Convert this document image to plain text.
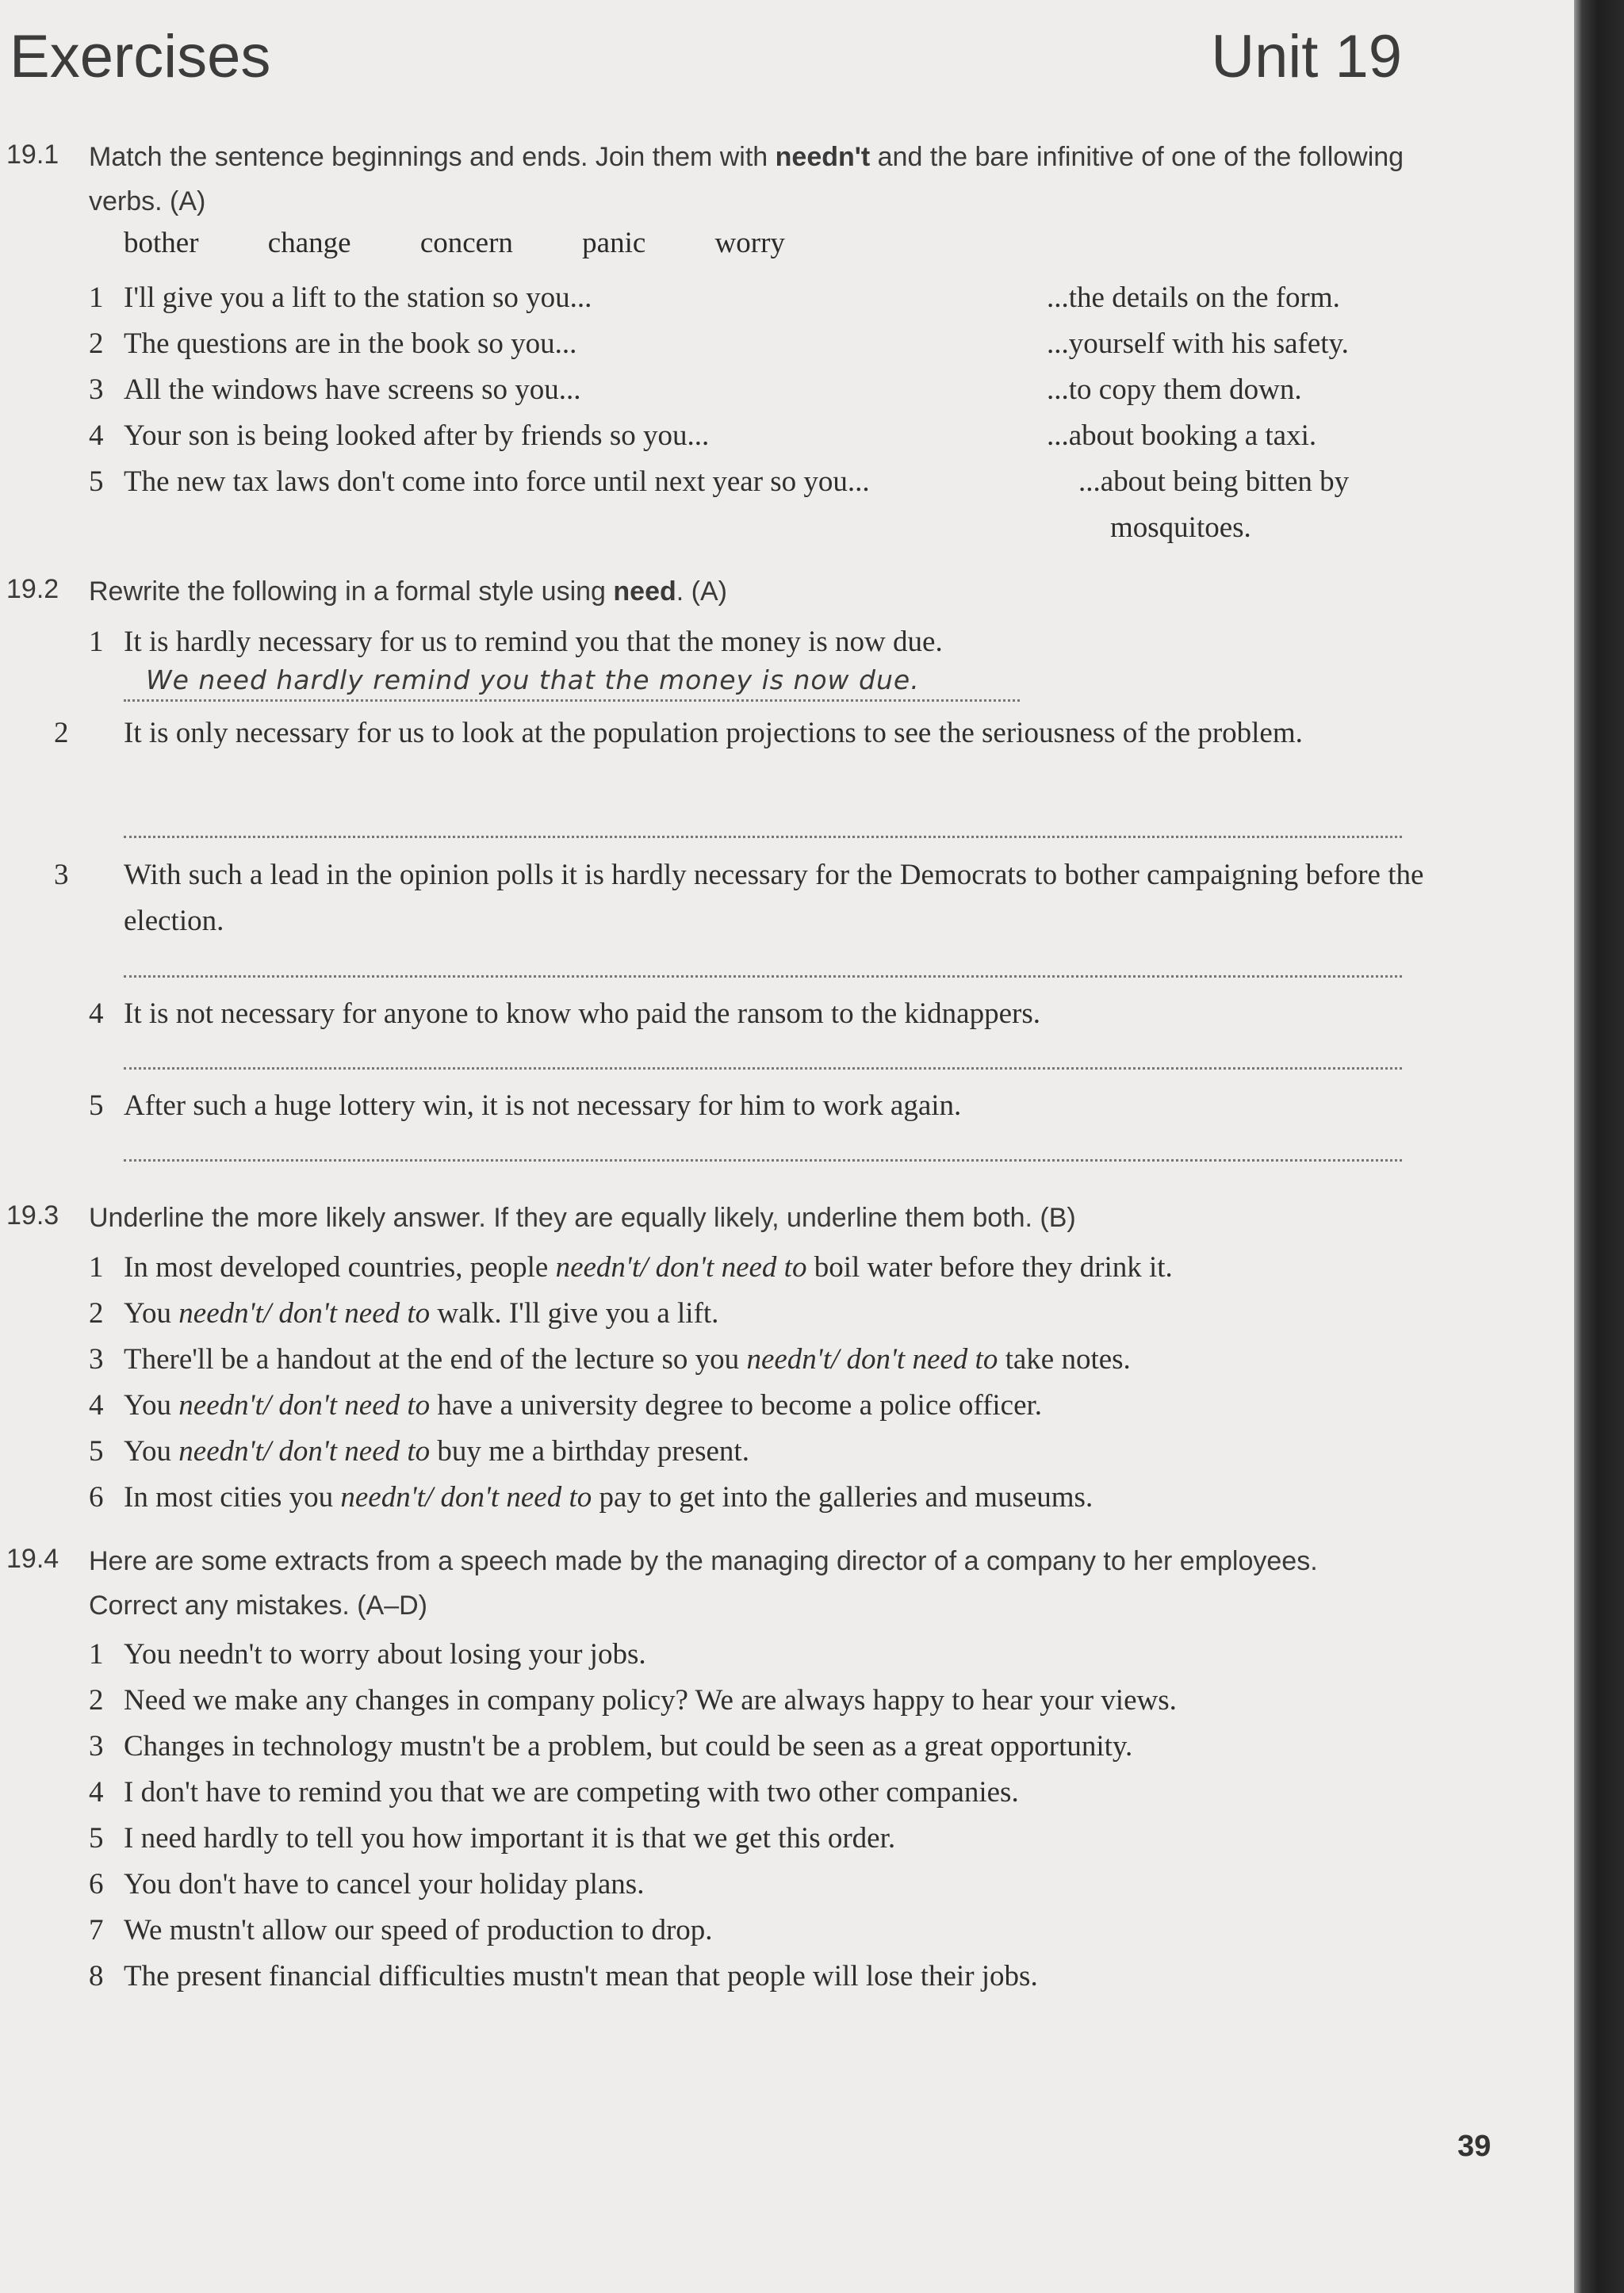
Exercises	Unit 19
19.1 Match the sentence beginnings and ends. Join them with needn't and the bare infinitive of one of the following verbs. (A)
bother change concern panic worry
1 I'll give you a lift to the station so you...
2 The questions are in the book so you...
3 All the windows have screens so you...
4 Your son is being looked after by friends so you...
5 The new tax laws don't come into force until next year so you...
...the details on the form.
...yourself with his safety.
...to copy them down.
...about booking a taxi.
...about being bitten by mosquitoes.
19.2 Rewrite the following in a formal style using need. (A)
1 It is hardly necessary for us to remind you that the money is now due.
We need hardly remind you that the money is now due.
2 It is only necessary for us to look at the population projections to see the seriousness of the problem.
3 With such a lead in the opinion polls it is hardly necessary for the Democrats to bother campaigning before the election.
4 It is not necessary for anyone to know who paid the ransom to the kidnappers.
5 After such a huge lottery win, it is not necessary for him to work again.
19.3 Underline the more likely answer. If they are equally likely, underline them both. (B)
1 In most developed countries, people needn't/ don't need to boil water before they drink it.
2 You needn't/ don't need to walk. I'll give you a lift.
3 There'll be a handout at the end of the lecture so you needn't/ don't need to take notes.
4 You needn't/ don't need to have a university degree to become a police officer.
5 You needn't/ don't need to buy me a birthday present.
6 In most cities you needn't/ don't need to pay to get into the galleries and museums.
19.4 Here are some extracts from a speech made by the managing director of a company to her employees. Correct any mistakes. (A–D)
1 You needn't to worry about losing your jobs.
2 Need we make any changes in company policy? We are always happy to hear your views.
3 Changes in technology mustn't be a problem, but could be seen as a great opportunity.
4 I don't have to remind you that we are competing with two other companies.
5 I need hardly to tell you how important it is that we get this order.
6 You don't have to cancel your holiday plans.
7 We mustn't allow our speed of production to drop.
8 The present financial difficulties mustn't mean that people will lose their jobs.
39
